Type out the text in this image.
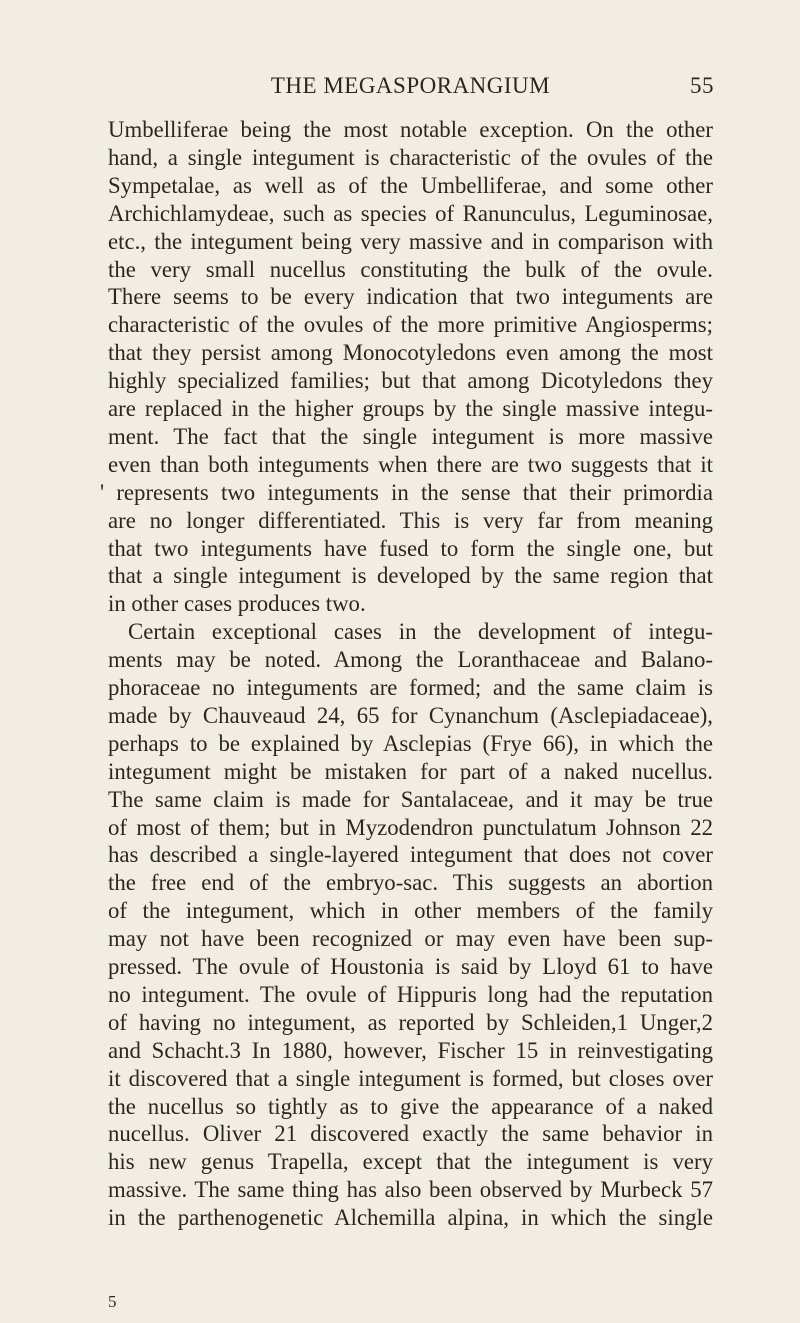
THE MEGASPORANGIUM	55
Umbelliferae being the most notable exception. On the other
hand, a single integument is characteristic of the ovules of the
Sympetalae, as well as of the Umbelliferae, and some other
Archichlamydeae, such as species of Ranunculus, Leguminosae,
etc., the integument being very massive and in comparison with
the very small nucellus constituting the bulk of the ovule.
There seems to be every indication that two integuments are
characteristic of the ovules of the more primitive Angiosperms;
that they persist among Monocotyledons even among the most
highly specialized families; but that among Dicotyledons they
are replaced in the higher groups by the single massive integu-
ment. The fact that the single integument is more massive
even than both integuments when there are two suggests that it
' represents two integuments in the sense that their primordia
are no longer differentiated. This is very far from meaning
that two integuments have fused to form the single one, but
that a single integument is developed by the same region that
in other cases produces two.
Certain exceptional cases in the development of integu-
ments may be noted. Among the Loranthaceae and Balano-
phoraceae no integuments are formed; and the same claim is
made by Chauveaud 24, 65 for Cynanchum (Asclepiadaceae),
perhaps to be explained by Asclepias (Frye 66), in which the
integument might be mistaken for part of a naked nucellus.
The same claim is made for Santalaceae, and it may be true
of most of them; but in Myzodendron punctulatum Johnson 22
has described a single-layered integument that does not cover
the free end of the embryo-sac. This suggests an abortion
of the integument, which in other members of the family
may not have been recognized or may even have been sup-
pressed. The ovule of Houstonia is said by Lloyd 61 to have
no integument. The ovule of Hippuris long had the reputation
of having no integument, as reported by Schleiden,1 Unger,2
and Schacht.3 In 1880, however, Fischer 15 in reinvestigating
it discovered that a single integument is formed, but closes over
the nucellus so tightly as to give the appearance of a naked
nucellus. Oliver 21 discovered exactly the same behavior in
his new genus Trapella, except that the integument is very
massive. The same thing has also been observed by Murbeck 57
in the parthenogenetic Alchemilla alpina, in which the single
5
